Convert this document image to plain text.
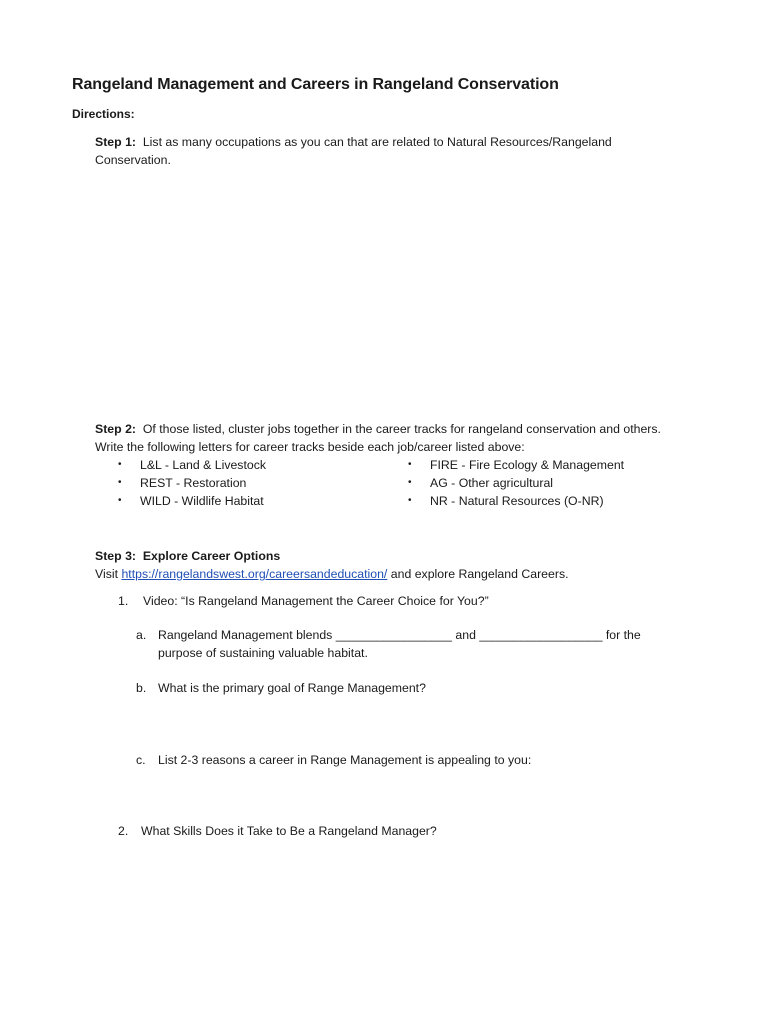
Rangeland Management and Careers in Rangeland Conservation
Directions:
Step 1: List as many occupations as you can that are related to Natural Resources/Rangeland
Conservation.
Step 2: Of those listed, cluster jobs together in the career tracks for rangeland conservation and others.
Write the following letters for career tracks beside each job/career listed above:
• L&L - Land & Livestock
• REST - Restoration
• WILD - Wildlife Habitat
• FIRE - Fire Ecology & Management
• AG - Other agricultural
• NR - Natural Resources (O-NR)
Step 3: Explore Career Options
Visit https://rangelandswest.org/careersandeducation/ and explore Rangeland Careers.
1. Video: “Is Rangeland Management the Career Choice for You?”
a. Rangeland Management blends _________________ and __________________ for the
purpose of sustaining valuable habitat.
b. What is the primary goal of Range Management?
c. List 2-3 reasons a career in Range Management is appealing to you:
2. What Skills Does it Take to Be a Rangeland Manager?
